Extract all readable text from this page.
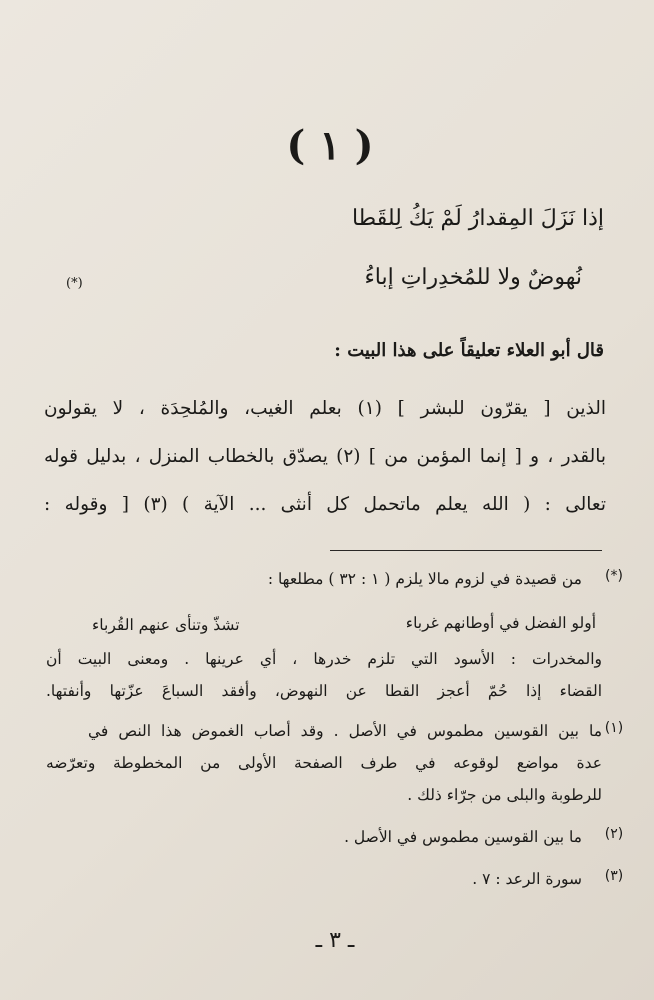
( ١ )
إذا نَزَلَ المِقدارُ لَمْ يَكُ لِلقَطا
نُهوضٌ ولا للمُخدِراتِ إباءُ
(*)
قال أبو العلاء تعليقاً على هذا البيت :
الذين [ يقرّون للبشر ] (١) بعلم الغيب، والمُلحِدَة ، لا يقولون
بالقدر ، و [ إنما المؤمن من ] (٢) يصدّق بالخطاب المنزل ، بدليل قوله
تعالى : ( الله يعلم ماتحمل كل أنثى ... الآية ) (٣) [ وقوله :
(*)
من قصيدة في لزوم مالا يلزم ( ١ : ٣٢ ) مطلعها :
أولو الفضل في أوطانهم غرباء
تشذّ وتنأى عنهم القُرباء
والمخدرات : الأسود التي تلزم خدرها ، أي عرينها . ومعنى البيت أن
القضاء إذا حُمّ أعجز القطا عن النهوض، وأفقد السباعَ عزّتها وأنفتها.
(١)
ما بين القوسين مطموس في الأصل . وقد أصاب الغموض هذا النص في
عدة مواضع لوقوعه في طرف الصفحة الأولى من المخطوطة وتعرّضه
للرطوبة والبلى من جرّاء ذلك .
(٢)
ما بين القوسين مطموس في الأصل .
(٣)
سورة الرعد : ٧ .
ـ ٣ ـ
